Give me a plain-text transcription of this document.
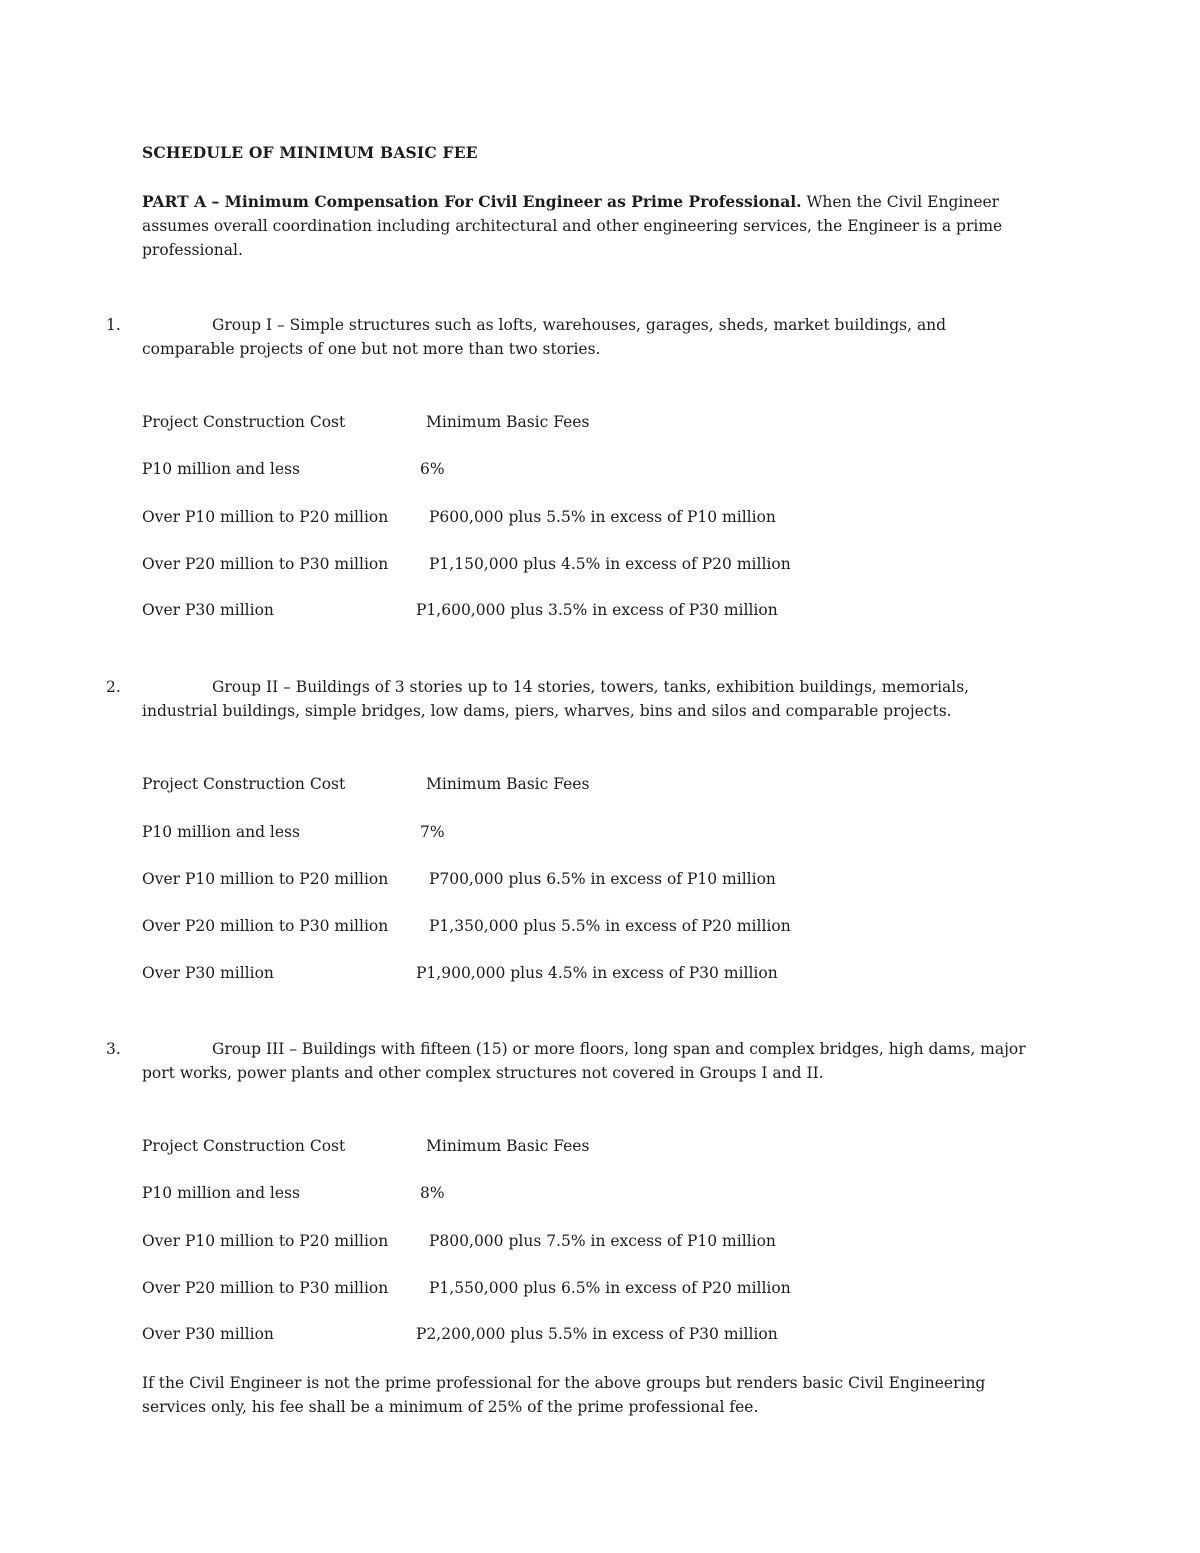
SCHEDULE OF MINIMUM BASIC FEE
PART A – Minimum Compensation For Civil Engineer as Prime Professional. When the Civil Engineer assumes overall coordination including architectural and other engineering services, the Engineer is a prime professional.
1.	Group I – Simple structures such as lofts, warehouses, garages, sheds, market buildings, and comparable projects of one but not more than two stories.
Project Construction Cost	Minimum Basic Fees
P10 million and less	6%
Over P10 million to P20 million	P600,000 plus 5.5% in excess of P10 million
Over P20 million to P30 million	P1,150,000 plus 4.5% in excess of P20 million
Over P30 million	P1,600,000 plus 3.5% in excess of P30 million
2.	Group II – Buildings of 3 stories up to 14 stories, towers, tanks, exhibition buildings, memorials, industrial buildings, simple bridges, low dams, piers, wharves, bins and silos and comparable projects.
Project Construction Cost	Minimum Basic Fees
P10 million and less	7%
Over P10 million to P20 million	P700,000 plus 6.5% in excess of P10 million
Over P20 million to P30 million	P1,350,000 plus 5.5% in excess of P20 million
Over P30 million	P1,900,000 plus 4.5% in excess of P30 million
3.	Group III – Buildings with fifteen (15) or more floors, long span and complex bridges, high dams, major port works, power plants and other complex structures not covered in Groups I and II.
Project Construction Cost	Minimum Basic Fees
P10 million and less	8%
Over P10 million to P20 million	P800,000 plus 7.5% in excess of P10 million
Over P20 million to P30 million	P1,550,000 plus 6.5% in excess of P20 million
Over P30 million	P2,200,000 plus 5.5% in excess of P30 million
If the Civil Engineer is not the prime professional for the above groups but renders basic Civil Engineering services only, his fee shall be a minimum of 25% of the prime professional fee.
